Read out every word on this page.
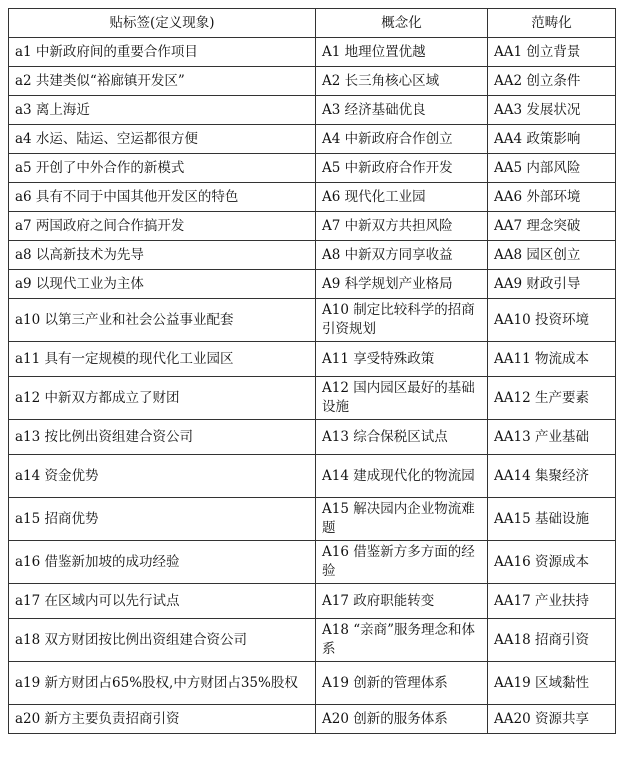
贴标签(定义现象)	概念化	范畴化
a1 中新政府间的重要合作项目	A1 地理位置优越	AA1 创立背景
a2 共建类似“裕廊镇开发区”	A2 长三角核心区域	AA2 创立条件
a3 离上海近	A3 经济基础优良	AA3 发展状况
a4 水运、陆运、空运都很方便	A4 中新政府合作创立	AA4 政策影响
a5 开创了中外合作的新模式	A5 中新政府合作开发	AA5 内部风险
a6 具有不同于中国其他开发区的特色	A6 现代化工业园	AA6 外部环境
a7 两国政府之间合作搞开发	A7 中新双方共担风险	AA7 理念突破
a8 以高新技术为先导	A8 中新双方同享收益	AA8 园区创立
a9 以现代工业为主体	A9 科学规划产业格局	AA9 财政引导
a10 以第三产业和社会公益事业配套	A10 制定比较科学的招商引资规划	AA10 投资环境
a11 具有一定规模的现代化工业园区	A11 享受特殊政策	AA11 物流成本
a12 中新双方都成立了财团	A12 国内园区最好的基础设施	AA12 生产要素
a13 按比例出资组建合资公司	A13 综合保税区试点	AA13 产业基础
a14 资金优势	A14 建成现代化的物流园	AA14 集聚经济
a15 招商优势	A15 解决园内企业物流难题	AA15 基础设施
a16 借鉴新加坡的成功经验	A16 借鉴新方多方面的经验	AA16 资源成本
a17 在区域内可以先行试点	A17 政府职能转变	AA17 产业扶持
a18 双方财团按比例出资组建合资公司	A18 “亲商”服务理念和体系	AA18 招商引资
a19 新方财团占65%股权,中方财团占35%股权	A19 创新的管理体系	AA19 区域黏性
a20 新方主要负责招商引资	A20 创新的服务体系	AA20 资源共享
